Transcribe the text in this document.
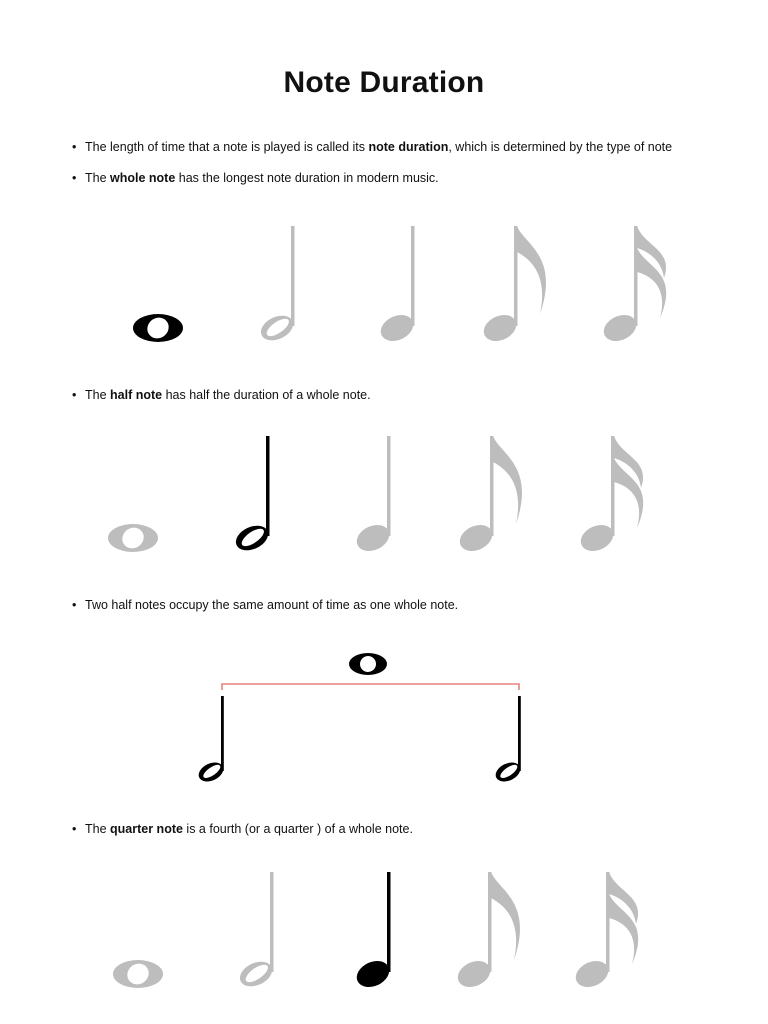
Note Duration
• The length of time that a note is played is called its note duration, which is determined by the type of note
• The whole note has the longest note duration in modern music.
• The half note has half the duration of a whole note.
• Two half notes occupy the same amount of time as one whole note.
• The quarter note is a fourth (or a quarter ) of a whole note.
